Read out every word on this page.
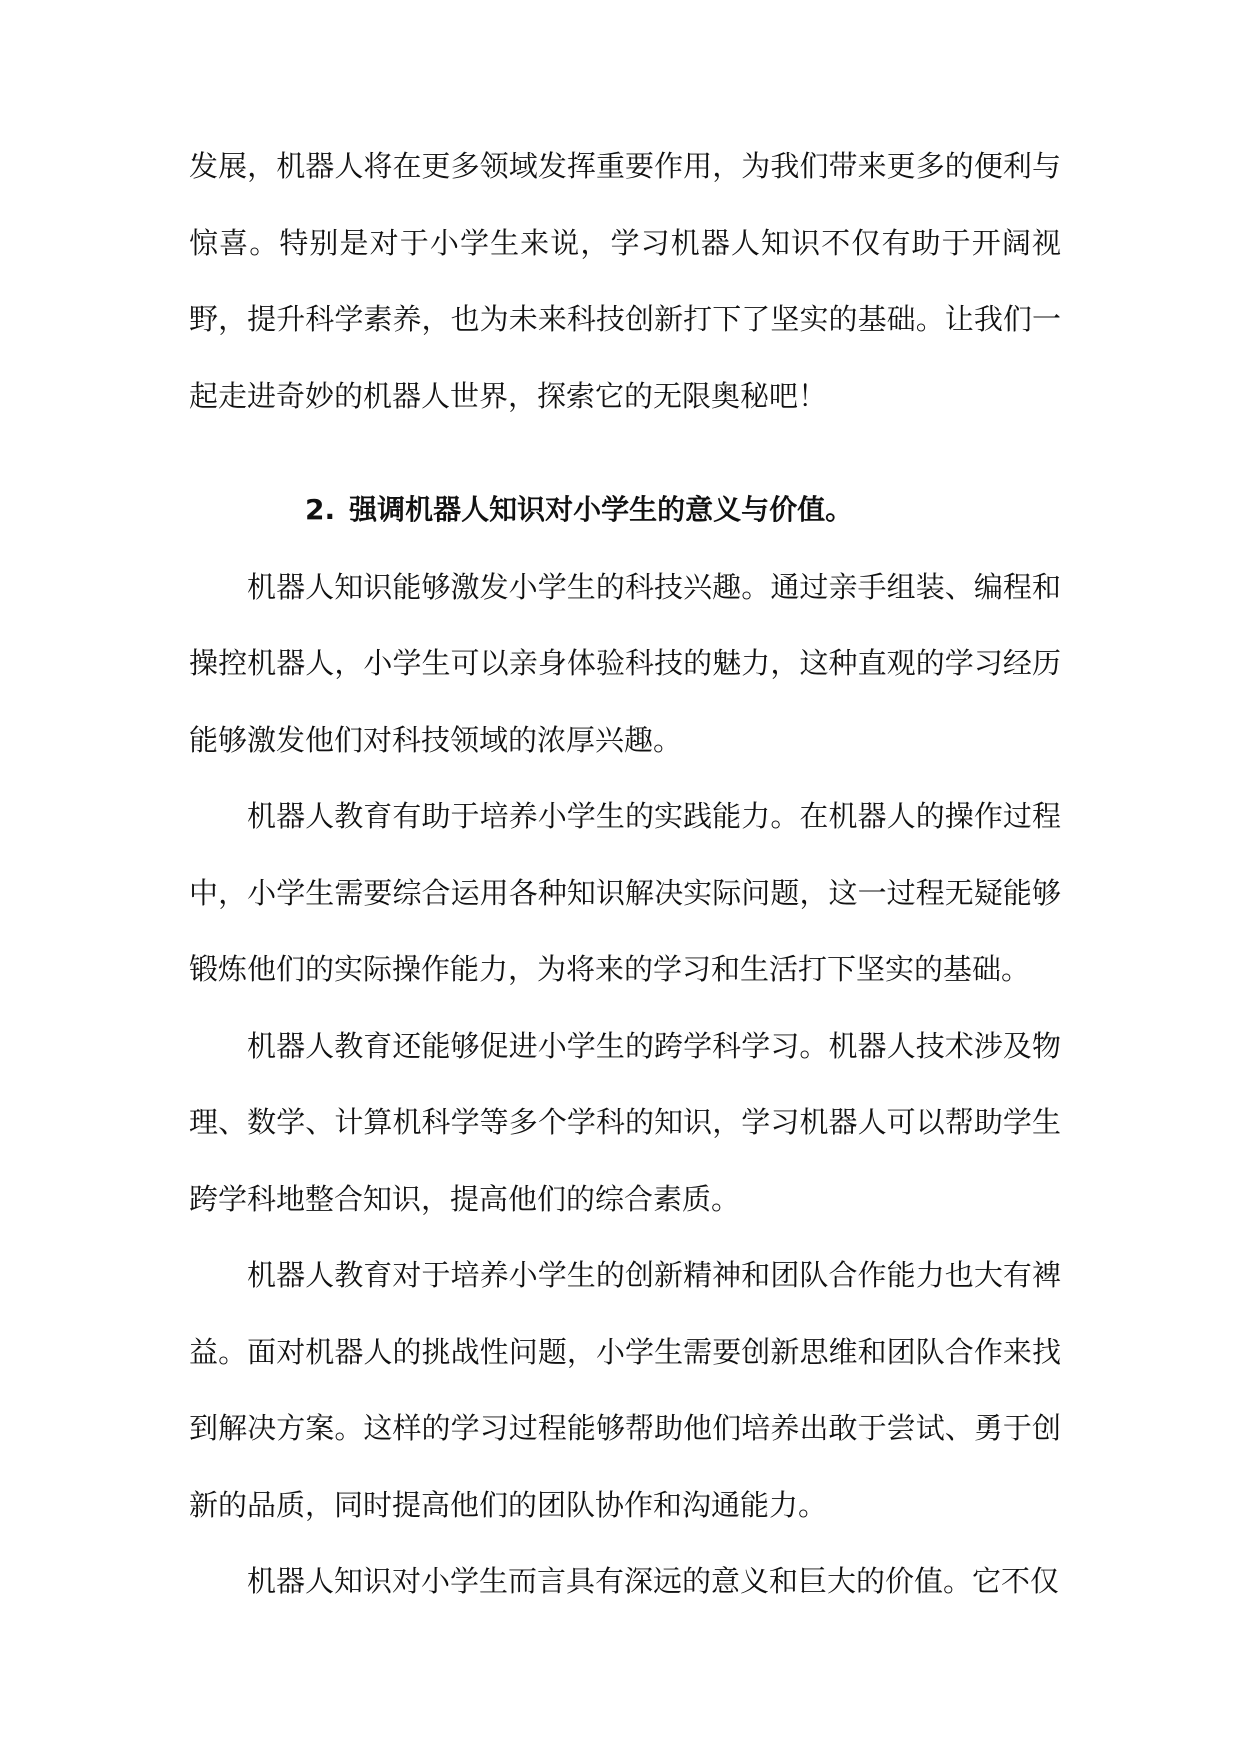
发展，机器人将在更多领域发挥重要作用，为我们带来更多的便利与惊喜。特别是对于小学生来说，学习机器人知识不仅有助于开阔视野，提升科学素养，也为未来科技创新打下了坚实的基础。让我们一起走进奇妙的机器人世界，探索它的无限奥秘吧！

2. 强调机器人知识对小学生的意义与价值。

机器人知识能够激发小学生的科技兴趣。通过亲手组装、编程和操控机器人，小学生可以亲身体验科技的魅力，这种直观的学习经历能够激发他们对科技领域的浓厚兴趣。

机器人教育有助于培养小学生的实践能力。在机器人的操作过程中，小学生需要综合运用各种知识解决实际问题，这一过程无疑能够锻炼他们的实际操作能力，为将来的学习和生活打下坚实的基础。

机器人教育还能够促进小学生的跨学科学习。机器人技术涉及物理、数学、计算机科学等多个学科的知识，学习机器人可以帮助学生跨学科地整合知识，提高他们的综合素质。

机器人教育对于培养小学生的创新精神和团队合作能力也大有裨益。面对机器人的挑战性问题，小学生需要创新思维和团队合作来找到解决方案。这样的学习过程能够帮助他们培养出敢于尝试、勇于创新的品质，同时提高他们的团队协作和沟通能力。

机器人知识对小学生而言具有深远的意义和巨大的价值。它不仅
